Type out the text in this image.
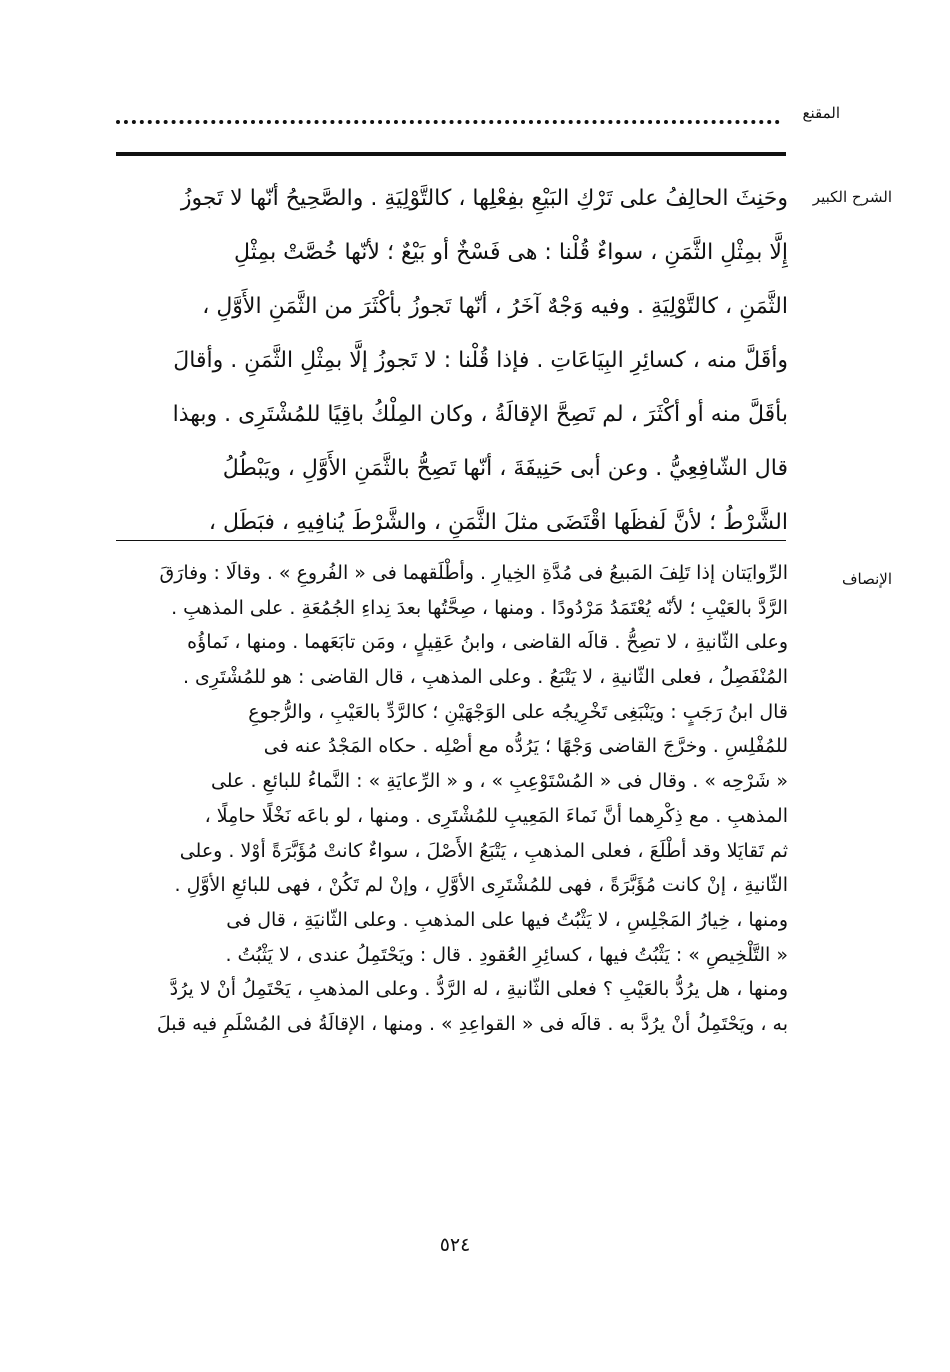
المقنع
الشرح الكبير
وحَنِثَ الحالِفُ على تَرْكِ البَيْعِ بفِعْلِها ، كالتَّوْلِيَةِ . والصَّحِيحُ أنّها لا تَجوزُ
إِلَّا بمِثْلِ الثَّمَنِ ، سواءٌ قُلْنا : هى فَسْخٌ أو بَيْعٌ ؛ لأنّها خُصَّتْ بمِثْلِ
الثَّمَنِ ، كالتَّوْلِيَةِ . وفيه وَجْهٌ آخَرُ ، أنّها تَجوزُ بأكْثَرَ من الثَّمَنِ الأَوَّلِ ،
وأقَلَّ منه ، كسائِرِ البِيَاعَاتِ . فإذا قُلْنا : لا تَجوزُ إلَّا بمِثْلِ الثَّمَنِ . وأقالَ
بأقَلَّ منه أو أكْثَرَ ، لم تَصِحَّ الإقالَةُ ، وكان المِلْكُ باقِيًا للمُشْتَرِى . وبهذا
قال الشّافِعِيُّ . وعن أبى حَنِيفَةَ ، أنّها تَصِحُّ بالثَّمَنِ الأَوَّلِ ، ويَبْطُلُ
الشَّرْطُ ؛ لأنَّ لَفظَها اقْتَضَى مثلَ الثَّمَنِ ، والشَّرْطَ يُنافِيهِ ، فبَطَل ،
الإنصاف
الرِّوايَتان إذا تَلِفَ المَبيعُ فى مُدَّةِ الخِيارِ . وأطْلَقهما فى « الفُروعِ » . وقالَا : وفارَقَ
الرَّدَّ بالعَيْبِ ؛ لأنّه يُعْتَمَدُ مَرْدُودًا . ومنها ، صِحَّتُها بعدَ نِداءِ الجُمُعَةِ . على المذهبِ .
وعلى الثّانيةِ ، لا تصِحُّ . قالَه القاضى ، وابنُ عَقِيلٍ ، ومَن تابَعَهما . ومنها ، نَماؤُه
المُنْفَصِلُ ، فعلى الثّانيةِ ، لا يَتْبَعُ . وعلى المذهبِ ، قال القاضى : هو للمُشْتَرِى .
قال ابنُ رَجَبٍ : ويَنْبَغِى تَخْرِيجُه على الوَجْهَيْنِ ؛ كالرَّدِّ بالعَيْبِ ، والرُّجوعِ
للمُفْلِسِ . وخرَّجَ القاضى وَجْهًا ؛ يَرُدُّه مع أصْلِه . حكاه المَجْدُ عنه فى
« شَرْحِه » . وقال فى « المُسْتَوْعِبِ » ، و « الرِّعايَةِ » : النَّماءُ للبائعِ . على
المذهبِ . مع ذِكْرِهما أنَّ نَماءَ المَعِيبِ للمُشْتَرِى . ومنها ، لو باعَه نَخْلًا حامِلًا ،
ثم تَقايَلا وقد أطْلَعَ ، فعلى المذهبِ ، يَتْبَعُ الأَصْلَ ، سواءٌ كانتْ مُؤَبَّرَةً أوْلا . وعلى
الثّانيةِ ، إنْ كانت مُؤَبَّرَةً ، فهى للمُشْتَرِى الأوَّلِ ، وإنْ لم تَكُنْ ، فهى للبائعِ الأوَّلِ .
ومنها ، خِيارُ المَجْلِسِ ، لا يَثْبُتُ فيها على المذهبِ . وعلى الثّانيَةِ ، قال فى
« التَّلْخِيصِ » : يَثْبُتُ فيها ، كسائِرِ العُقودِ . قال : ويَحْتَمِلُ عندى ، لا يَثْبُتُ .
ومنها ، هل يرُدُّ بالعَيْبِ ؟ فعلى الثّانيةِ ، له الرَّدُّ . وعلى المذهبِ ، يَحْتَمِلُ أنْ لا يرُدَّ
به ، ويَحْتَمِلُ أنْ يرُدَّ به . قالَه فى « القواعِدِ » . ومنها ، الإقالَةُ فى المُسْلَمِ فيه قبلَ
٥٢٤
